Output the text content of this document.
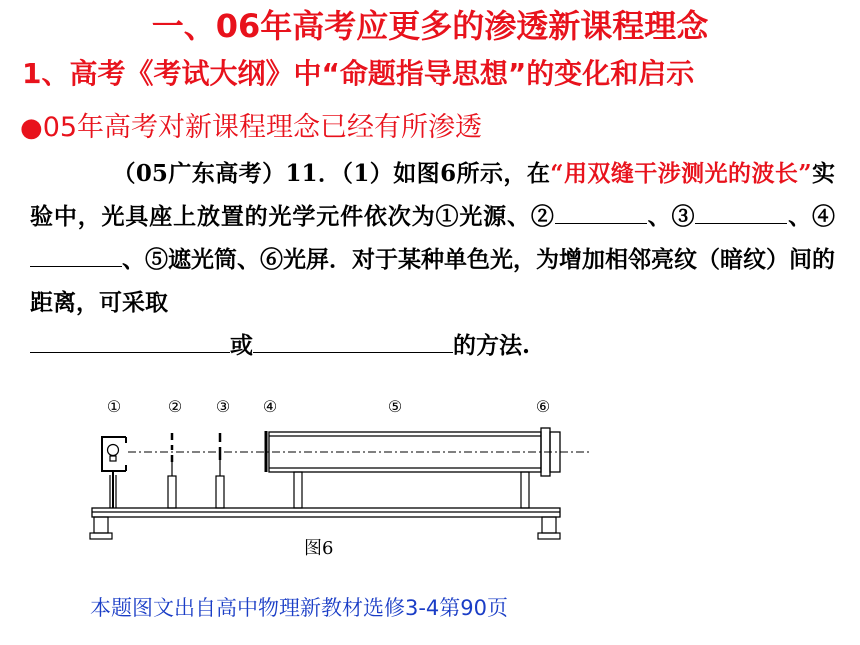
一、06年高考应更多的渗透新课程理念
1、高考《考试大纲》中“命题指导思想”的变化和启示
●05年高考对新课程理念已经有所渗透
（05广东高考）11．（1）如图6所示，在“用双缝干涉测光的波长”实验中，光具座上放置的光学元件依次为①光源、②	、③	、④、⑤遮光筒、⑥光屏．对于某种单色光，为增加相邻亮纹（暗纹）间的距离，可采取
或	的方法.
①	② ③ ④	⑤	⑥
图6
本题图文出自高中物理新教材选修3-4第90页
